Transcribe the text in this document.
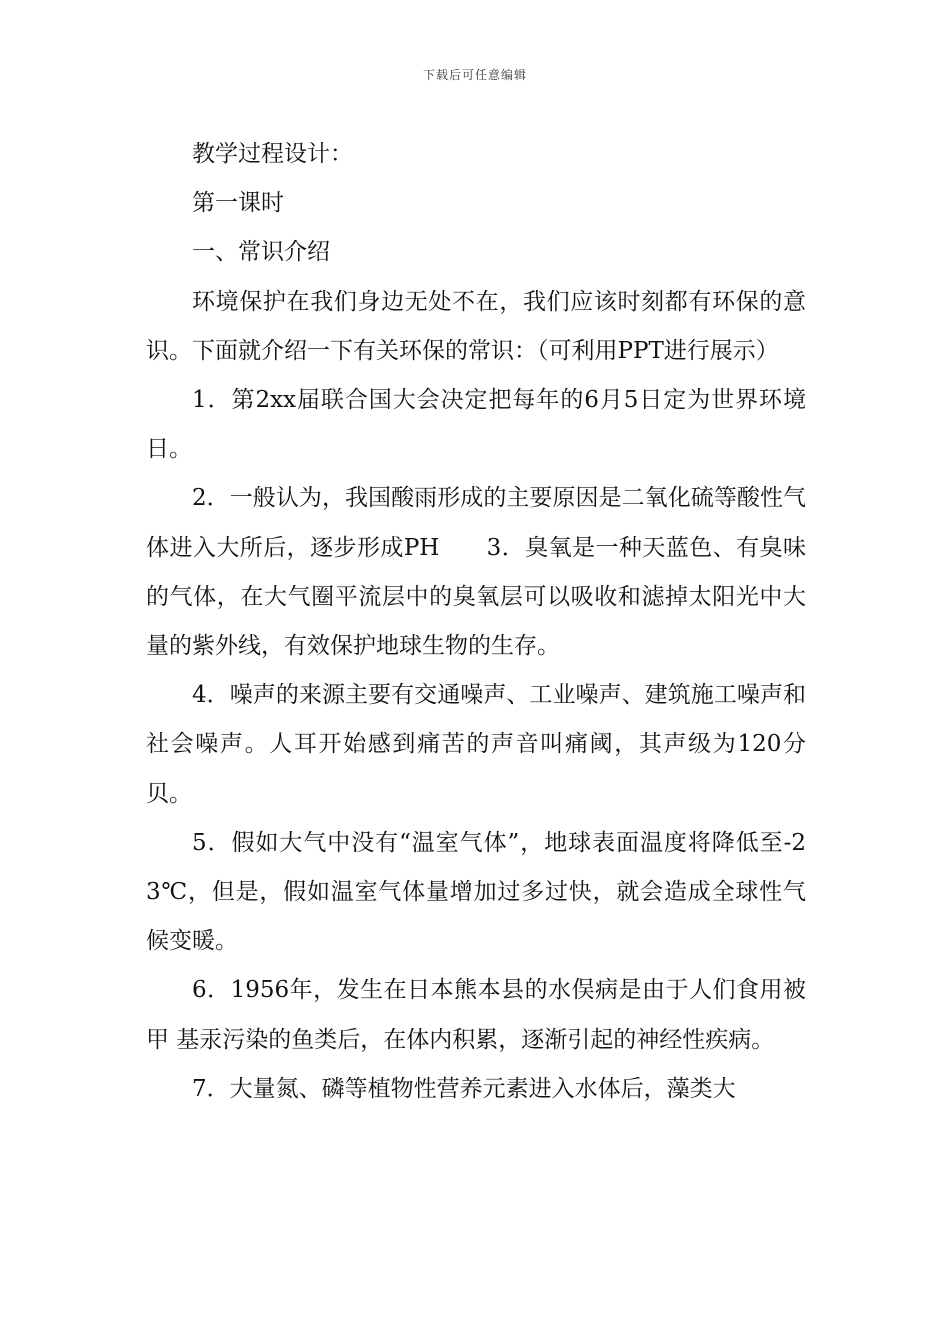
下载后可任意编辑

教学过程设计：

第一课时

一、常识介绍

环境保护在我们身边无处不在，我们应该时刻都有环保的意识。下面就介绍一下有关环保的常识：（可利用PPT进行展示）

1．第2xx届联合国大会决定把每年的6月5日定为世界环境日。

2．一般认为，我国酸雨形成的主要原因是二氧化硫等酸性气体进入大所后，逐步形成PH　　3．臭氧是一种天蓝色、有臭味的气体，在大气圈平流层中的臭氧层可以吸收和滤掉太阳光中大量的紫外线，有效保护地球生物的生存。

4．噪声的来源主要有交通噪声、工业噪声、建筑施工噪声和社会噪声。人耳开始感到痛苦的声音叫痛阈，其声级为120分贝。

5．假如大气中没有“温室气体”，地球表面温度将降低至-23℃，但是，假如温室气体量增加过多过快，就会造成全球性气候变暖。

6．1956年，发生在日本熊本县的水俣病是由于人们食用被甲 基汞污染的鱼类后，在体内积累，逐渐引起的神经性疾病。

7．大量氮、磷等植物性营养元素进入水体后，藻类大
